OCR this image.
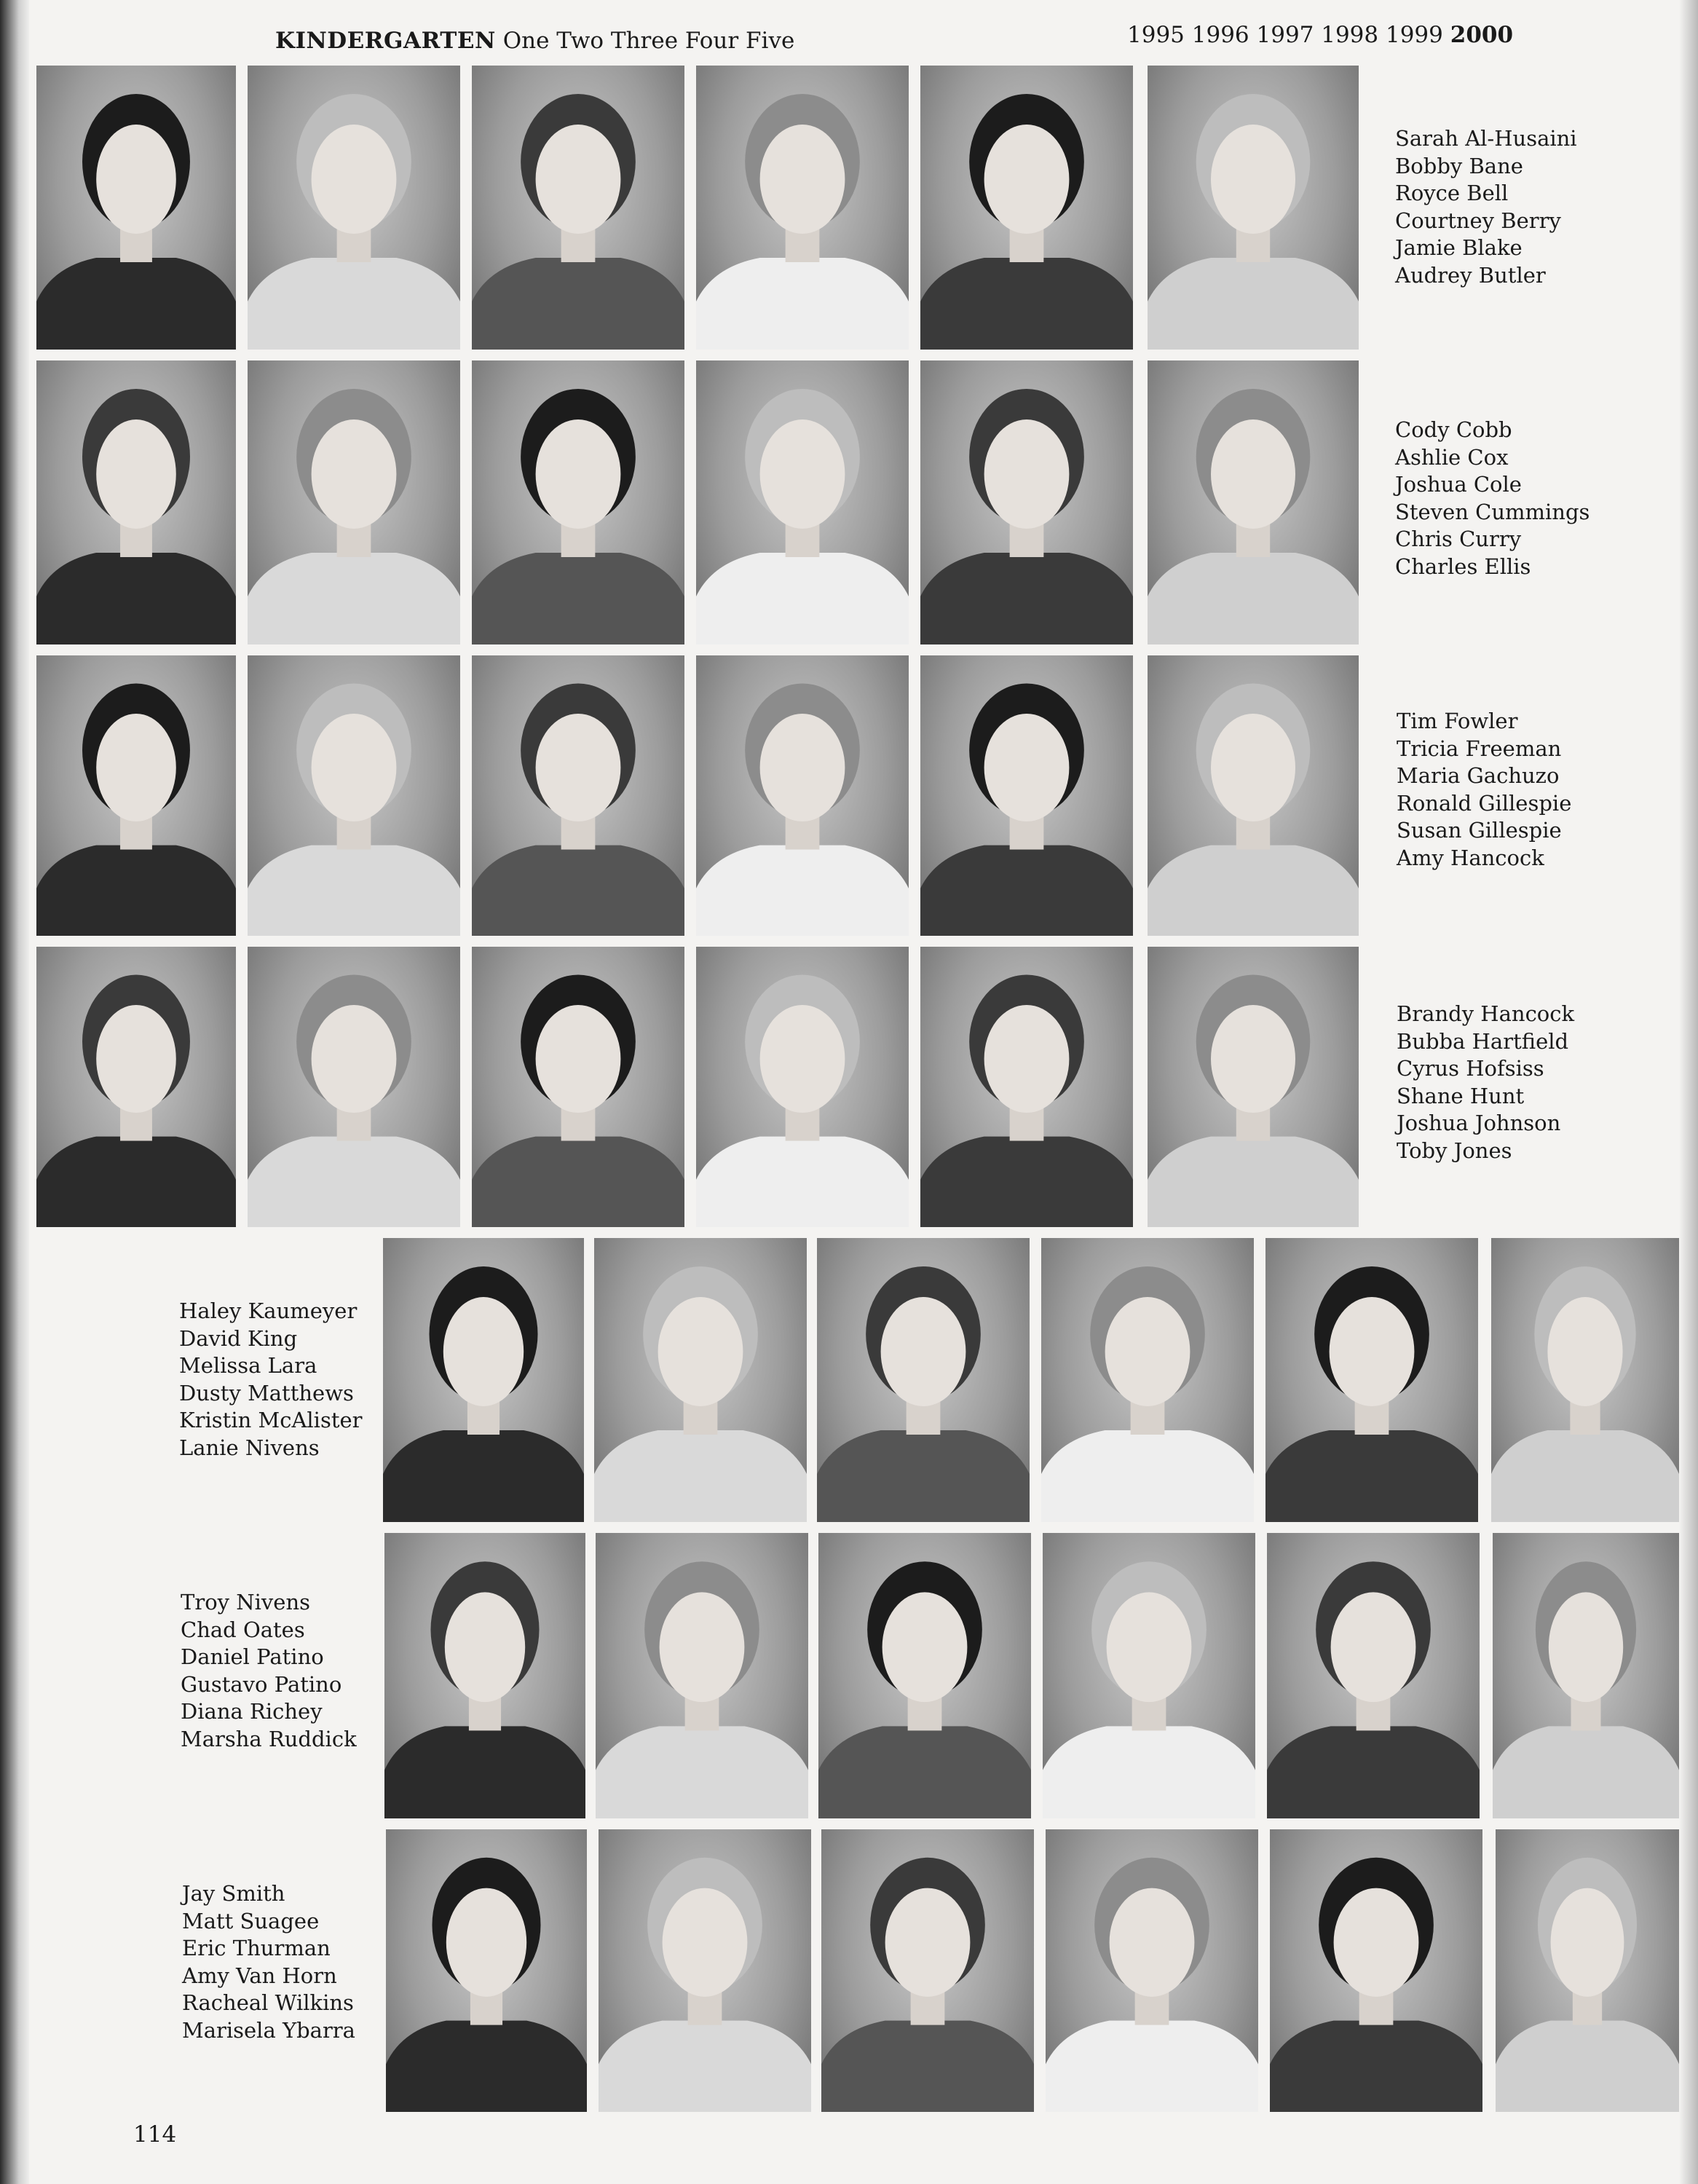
KINDERGARTEN One Two Three Four Five	1995 1996 1997 1998 1999 2000
Sarah Al-Husaini
Bobby Bane
Royce Bell
Courtney Berry
Jamie Blake
Audrey Butler
Cody Cobb
Ashlie Cox
Joshua Cole
Steven Cummings
Chris Curry
Charles Ellis
Tim Fowler
Tricia Freeman
Maria Gachuzo
Ronald Gillespie
Susan Gillespie
Amy Hancock
Brandy Hancock
Bubba Hartfield
Cyrus Hofsiss
Shane Hunt
Joshua Johnson
Toby Jones
Haley Kaumeyer
David King
Melissa Lara
Dusty Matthews
Kristin McAlister
Lanie Nivens
Troy Nivens
Chad Oates
Daniel Patino
Gustavo Patino
Diana Richey
Marsha Ruddick
Jay Smith
Matt Suagee
Eric Thurman
Amy Van Horn
Racheal Wilkins
Marisela Ybarra
114
